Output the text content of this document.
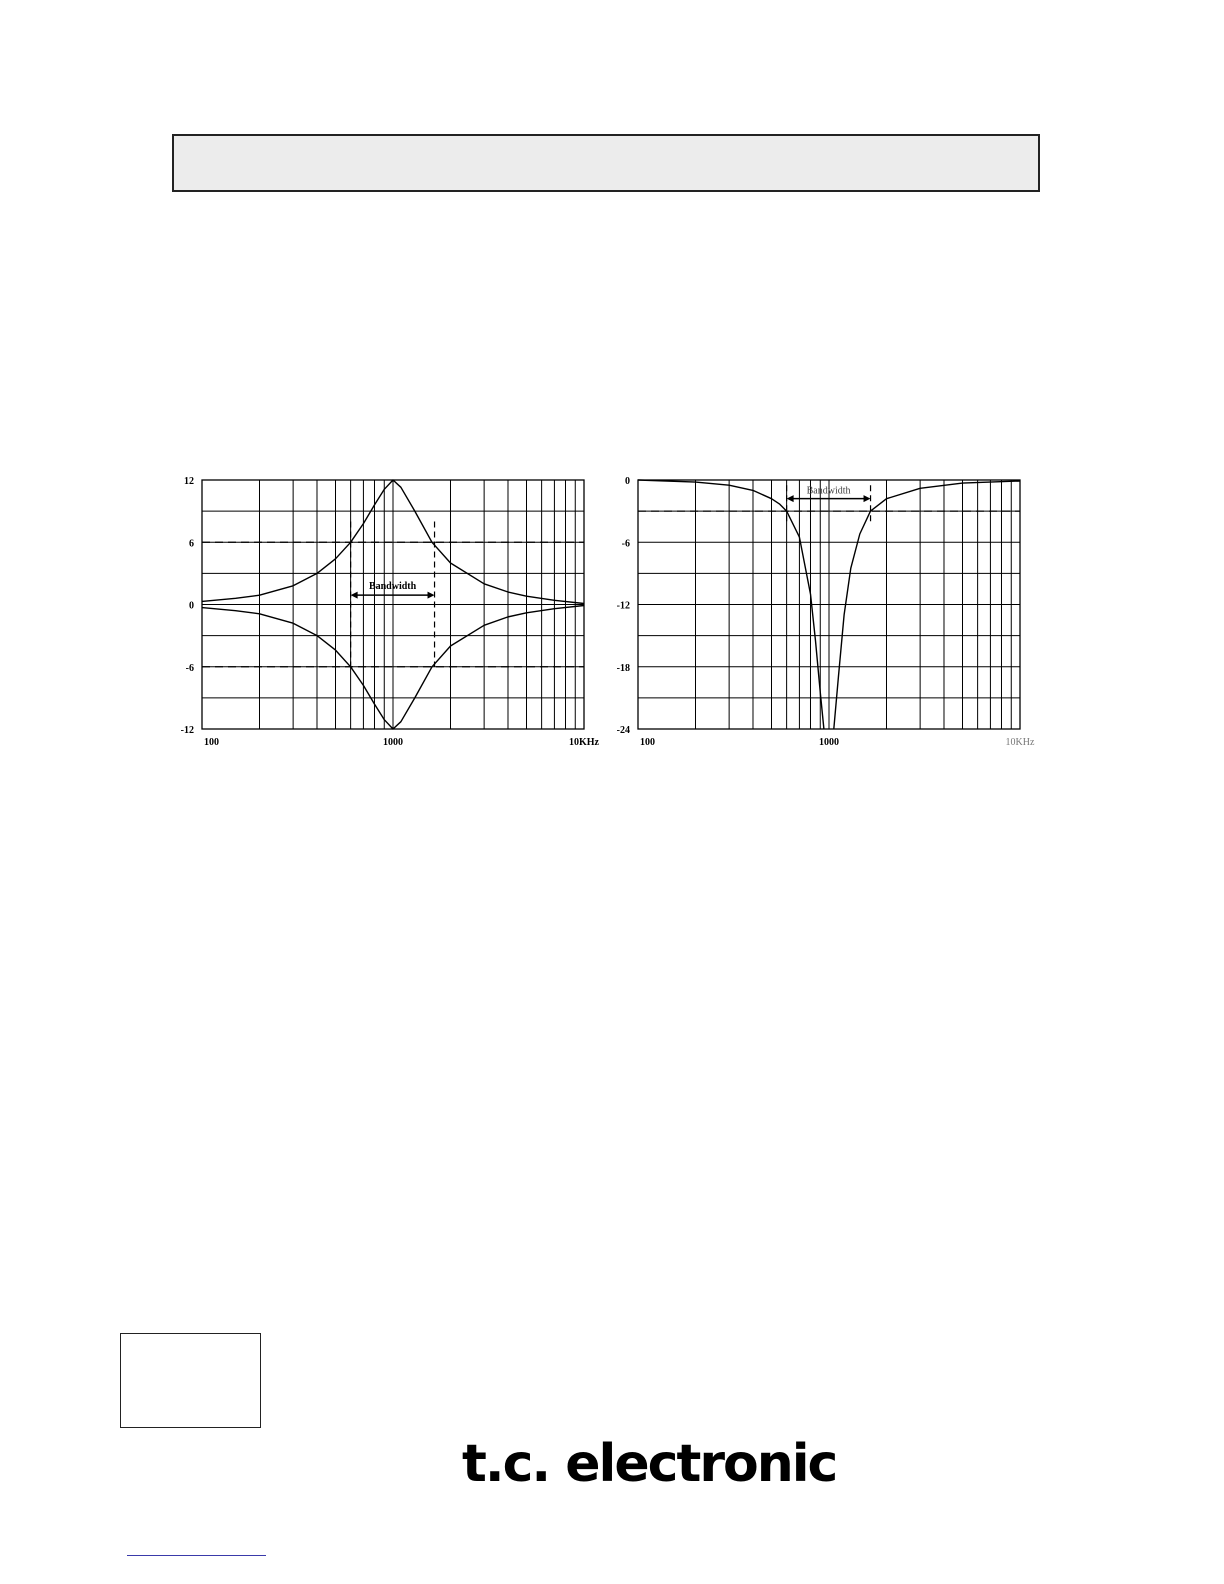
Bandwidth
12
6
0
-6
-12
100	1000	10KHz
Bandwidth
0
-6
-12
-18
-24
100	1000	10KHz
t.c. electronic
